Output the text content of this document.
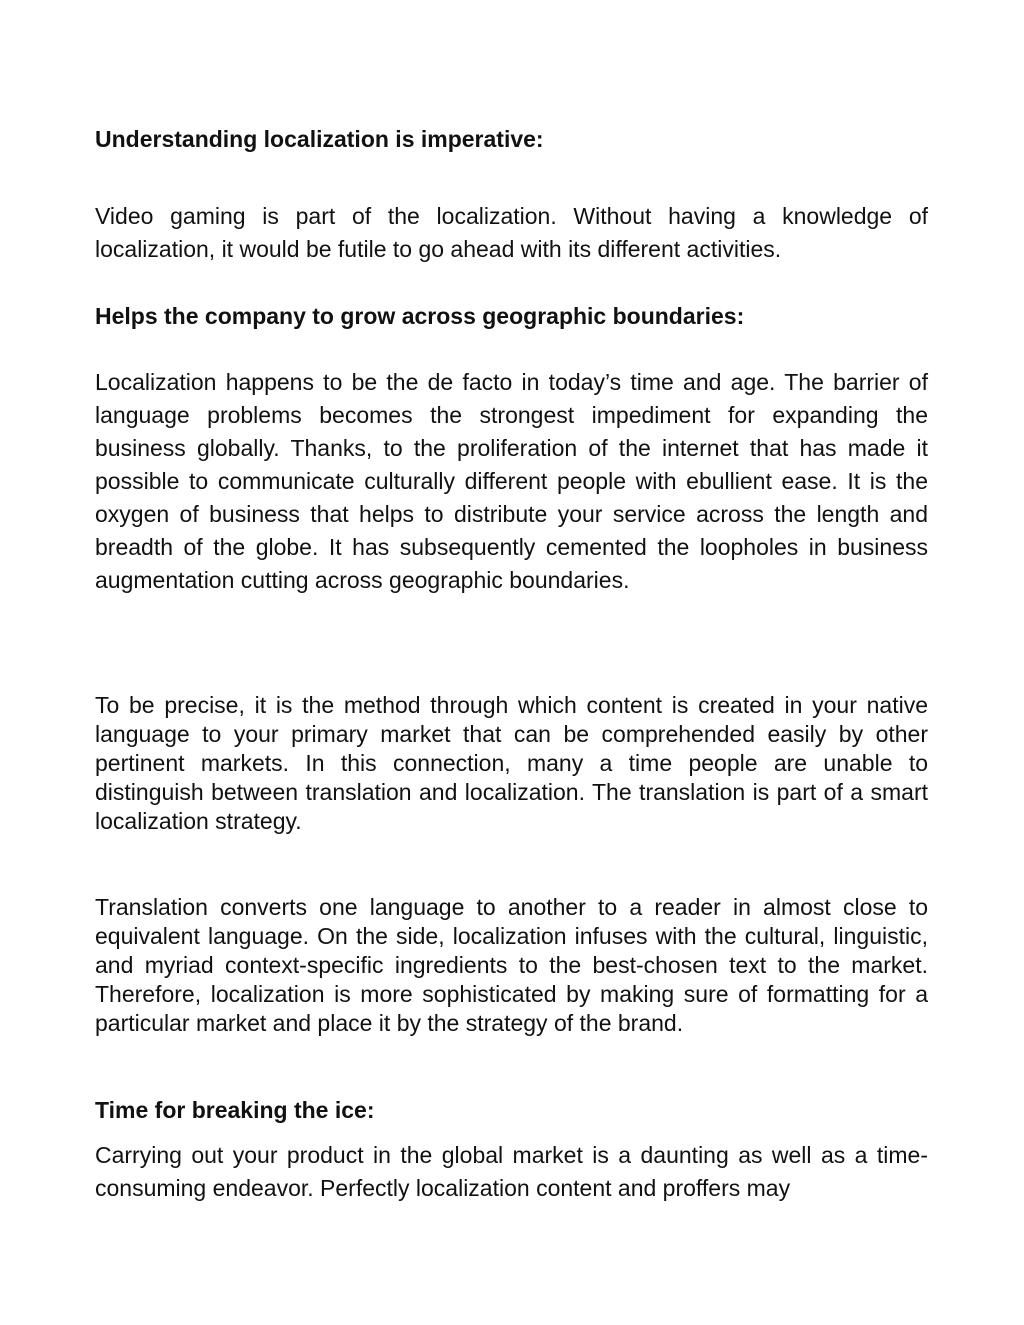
Understanding localization is imperative:

Video gaming is part of the localization. Without having a knowledge of localization, it would be futile to go ahead with its different activities.

Helps the company to grow across geographic boundaries:

Localization happens to be the de facto in today’s time and age. The barrier of language problems becomes the strongest impediment for expanding the business globally. Thanks, to the proliferation of the internet that has made it possible to communicate culturally different people with ebullient ease. It is the oxygen of business that helps to distribute your service across the length and breadth of the globe. It has subsequently cemented the loopholes in business augmentation cutting across geographic boundaries.

To be precise, it is the method through which content is created in your native language to your primary market that can be comprehended easily by other pertinent markets. In this connection, many a time people are unable to distinguish between translation and localization. The translation is part of a smart localization strategy.

Translation converts one language to another to a reader in almost close to equivalent language. On the side, localization infuses with the cultural, linguistic, and myriad context-specific ingredients to the best-chosen text to the market. Therefore, localization is more sophisticated by making sure of formatting for a particular market and place it by the strategy of the brand.

Time for breaking the ice:

Carrying out your product in the global market is a daunting as well as a time-consuming endeavor. Perfectly localization content and proffers may
